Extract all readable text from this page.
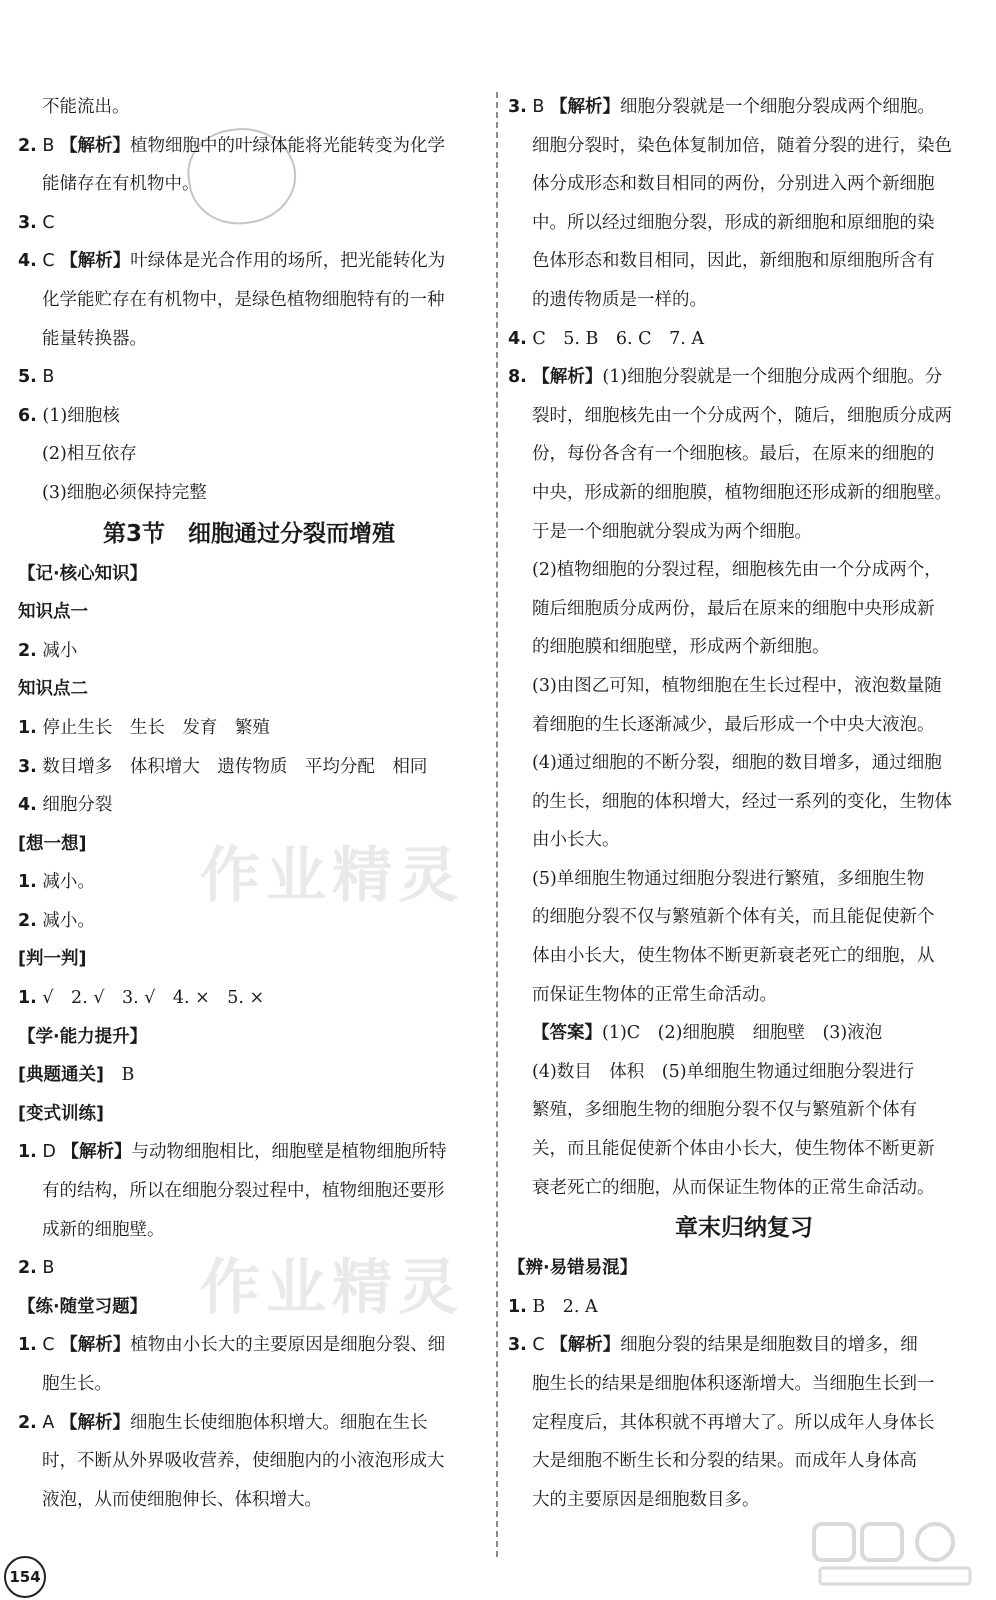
作业精灵
作业精灵
不能流出。
2. B 【解析】植物细胞中的叶绿体能将光能转变为化学
能储存在有机物中。
3. C
4. C 【解析】叶绿体是光合作用的场所，把光能转化为
化学能贮存在有机物中，是绿色植物细胞特有的一种
能量转换器。
5. B
6. (1)细胞核
(2)相互依存
(3)细胞必须保持完整
第3节　细胞通过分裂而增殖
【记·核心知识】
知识点一
2. 减小
知识点二
1. 停止生长　生长　发育　繁殖
3. 数目增多　体积增大　遗传物质　平均分配　相同
4. 细胞分裂
[想一想]
1. 减小。
2. 减小。
[判一判]
1. √　2. √　3. √　4. ×　5. ×
【学·能力提升】
[典题通关]　 B
[变式训练]
1. D 【解析】与动物细胞相比，细胞壁是植物细胞所特
有的结构，所以在细胞分裂过程中，植物细胞还要形
成新的细胞壁。
2. B
【练·随堂习题】
1. C 【解析】植物由小长大的主要原因是细胞分裂、细
胞生长。
2. A 【解析】细胞生长使细胞体积增大。细胞在生长
时，不断从外界吸收营养，使细胞内的小液泡形成大
液泡，从而使细胞伸长、体积增大。
3. B 【解析】细胞分裂就是一个细胞分裂成两个细胞。
细胞分裂时，染色体复制加倍，随着分裂的进行，染色
体分成形态和数目相同的两份，分别进入两个新细胞
中。所以经过细胞分裂，形成的新细胞和原细胞的染
色体形态和数目相同，因此，新细胞和原细胞所含有
的遗传物质是一样的。
4. C　5. B　6. C　7. A
8. 【解析】(1)细胞分裂就是一个细胞分成两个细胞。分
裂时，细胞核先由一个分成两个，随后，细胞质分成两
份，每份各含有一个细胞核。最后，在原来的细胞的
中央，形成新的细胞膜，植物细胞还形成新的细胞壁。
于是一个细胞就分裂成为两个细胞。
(2)植物细胞的分裂过程，细胞核先由一个分成两个，
随后细胞质分成两份，最后在原来的细胞中央形成新
的细胞膜和细胞壁，形成两个新细胞。
(3)由图乙可知，植物细胞在生长过程中，液泡数量随
着细胞的生长逐渐减少，最后形成一个中央大液泡。
(4)通过细胞的不断分裂，细胞的数目增多，通过细胞
的生长，细胞的体积增大，经过一系列的变化，生物体
由小长大。
(5)单细胞生物通过细胞分裂进行繁殖，多细胞生物
的细胞分裂不仅与繁殖新个体有关，而且能促使新个
体由小长大，使生物体不断更新衰老死亡的细胞，从
而保证生物体的正常生命活动。
【答案】(1)C　(2)细胞膜　细胞壁　(3)液泡
(4)数目　体积　(5)单细胞生物通过细胞分裂进行
繁殖，多细胞生物的细胞分裂不仅与繁殖新个体有
关，而且能促使新个体由小长大，使生物体不断更新
衰老死亡的细胞，从而保证生物体的正常生命活动。
章末归纳复习
【辨·易错易混】
1. B　2. A
3. C 【解析】细胞分裂的结果是细胞数目的增多，细
胞生长的结果是细胞体积逐渐增大。当细胞生长到一
定程度后，其体积就不再增大了。所以成年人身体长
大是细胞不断生长和分裂的结果。而成年人身体高
大的主要原因是细胞数目多。
154
